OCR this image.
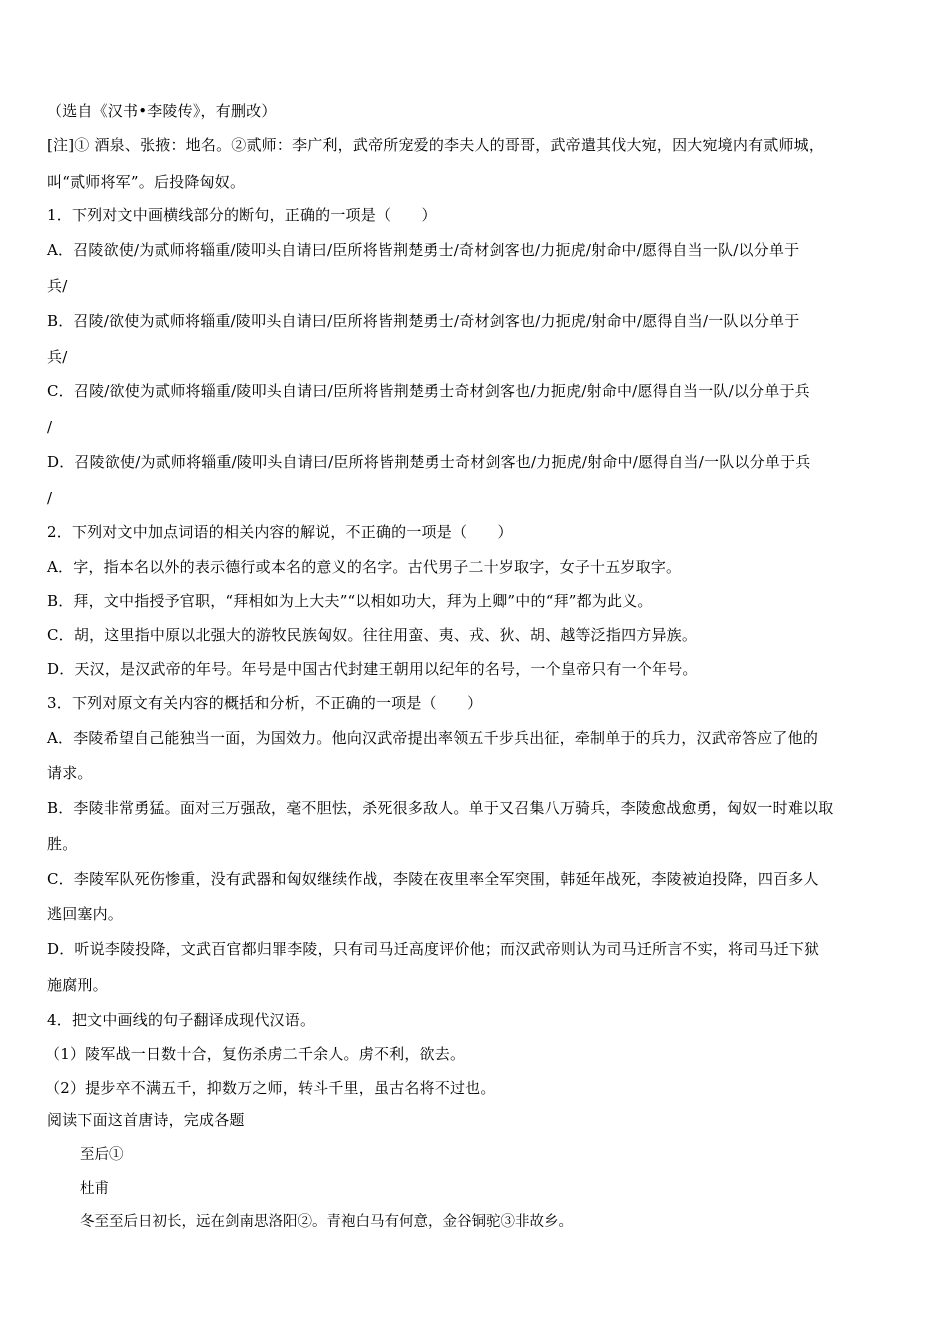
（选自《汉书•李陵传》，有删改）
[注]① 酒泉、张掖：地名。②贰师：李广利，武帝所宠爱的李夫人的哥哥，武帝遣其伐大宛，因大宛境内有贰师城，
叫“贰师将军”。后投降匈奴。
1．下列对文中画横线部分的断句，正确的一项是（　　）
A．召陵欲使/为贰师将辎重/陵叩头自请曰/臣所将皆荆楚勇士/奇材剑客也/力扼虎/射命中/愿得自当一队/以分单于
兵/
B．召陵/欲使为贰师将辎重/陵叩头自请曰/臣所将皆荆楚勇士/奇材剑客也/力扼虎/射命中/愿得自当/一队以分单于
兵/
C．召陵/欲使为贰师将辎重/陵叩头自请曰/臣所将皆荆楚勇士奇材剑客也/力扼虎/射命中/愿得自当一队/以分单于兵
/
D．召陵欲使/为贰师将辎重/陵叩头自请曰/臣所将皆荆楚勇士奇材剑客也/力扼虎/射命中/愿得自当/一队以分单于兵
/
2．下列对文中加点词语的相关内容的解说，不正确的一项是（　　）
A．字，指本名以外的表示德行或本名的意义的名字。古代男子二十岁取字，女子十五岁取字。
B．拜，文中指授予官职，“拜相如为上大夫”“以相如功大，拜为上卿”中的“拜”都为此义。
C．胡，这里指中原以北强大的游牧民族匈奴。往往用蛮、夷、戎、狄、胡、越等泛指四方异族。
D．天汉，是汉武帝的年号。年号是中国古代封建王朝用以纪年的名号，一个皇帝只有一个年号。
3．下列对原文有关内容的概括和分析，不正确的一项是（　　）
A．李陵希望自己能独当一面，为国效力。他向汉武帝提出率领五千步兵出征，牵制单于的兵力，汉武帝答应了他的
请求。
B．李陵非常勇猛。面对三万强敌，毫不胆怯，杀死很多敌人。单于又召集八万骑兵，李陵愈战愈勇，匈奴一时难以取
胜。
C．李陵军队死伤惨重，没有武器和匈奴继续作战，李陵在夜里率全军突围，韩延年战死，李陵被迫投降，四百多人
逃回塞内。
D．听说李陵投降，文武百官都归罪李陵，只有司马迁高度评价他；而汉武帝则认为司马迁所言不实，将司马迁下狱
施腐刑。
4．把文中画线的句子翻译成现代汉语。
（1）陵军战一日数十合，复伤杀虏二千余人。虏不利，欲去。
（2）提步卒不满五千，抑数万之师，转斗千里，虽古名将不过也。
阅读下面这首唐诗，完成各题
至后①
杜甫
冬至至后日初长，远在剑南思洛阳②。青袍白马有何意，金谷铜驼③非故乡。
